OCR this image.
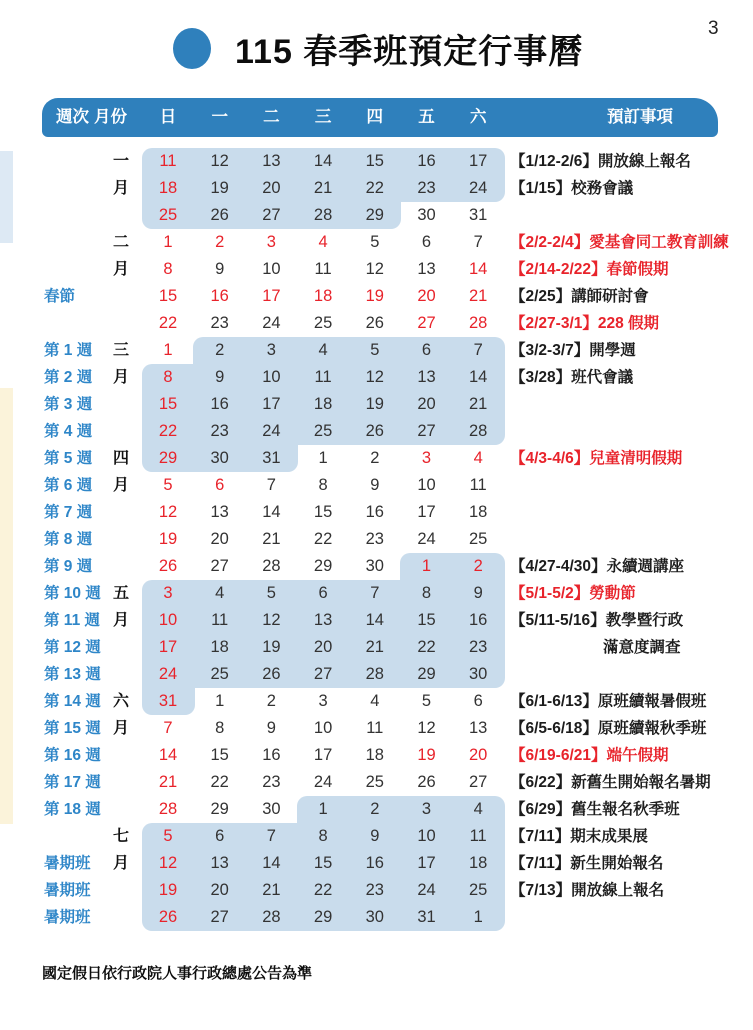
3
115 春季班預定行事曆
週次 月份	預訂事項
日	一	二	三	四	五	六
一	11	12	13	14	15	16	17	【1/12-2/6】開放線上報名
月	18	19	20	21	22	23	24	【1/15】校務會議
25	26	27	28	29	30	31
二	1	2	3	4	5	6	7	【2/2-2/4】愛基會同工教育訓練
月	8	9	10	11	12	13	14	【2/14-2/22】春節假期
春節	15	16	17	18	19	20	21	【2/25】講師研討會
22	23	24	25	26	27	28	【2/27-3/1】228 假期
第 1 週	三	1	2	3	4	5	6	7	【3/2-3/7】開學週
第 2 週	月	8	9	10	11	12	13	14	【3/28】班代會議
第 3 週	15	16	17	18	19	20	21
第 4 週	22	23	24	25	26	27	28
第 5 週	四	29	30	31	1	2	3	4	【4/3-4/6】兒童清明假期
第 6 週	月	5	6	7	8	9	10	11
第 7 週	12	13	14	15	16	17	18
第 8 週	19	20	21	22	23	24	25
第 9 週	26	27	28	29	30	1	2	【4/27-4/30】永續週講座
第 10 週 五	3	4	5	6	7	8	9	【5/1-5/2】勞動節
第 11 週 月	10	11	12	13	14	15	16	【5/11-5/16】教學暨行政
第 12 週	17	18	19	20	21	22	23	滿意度調查
第 13 週	24	25	26	27	28	29	30
第 14 週 六	31	1	2	3	4	5	6	【6/1-6/13】原班續報暑假班
第 15 週 月	7	8	9	10	11	12	13	【6/5-6/18】原班續報秋季班
第 16 週	14	15	16	17	18	19	20	【6/19-6/21】端午假期
第 17 週	21	22	23	24	25	26	27	【6/22】新舊生開始報名暑期
第 18 週	28	29	30	1	2	3	4	【6/29】舊生報名秋季班
七	5	6	7	8	9	10	11	【7/11】期末成果展
暑期班	月	12	13	14	15	16	17	18	【7/11】新生開始報名
暑期班	19	20	21	22	23	24	25	【7/13】開放線上報名
暑期班	26	27	28	29	30	31	1
國定假日依行政院人事行政總處公告為準
